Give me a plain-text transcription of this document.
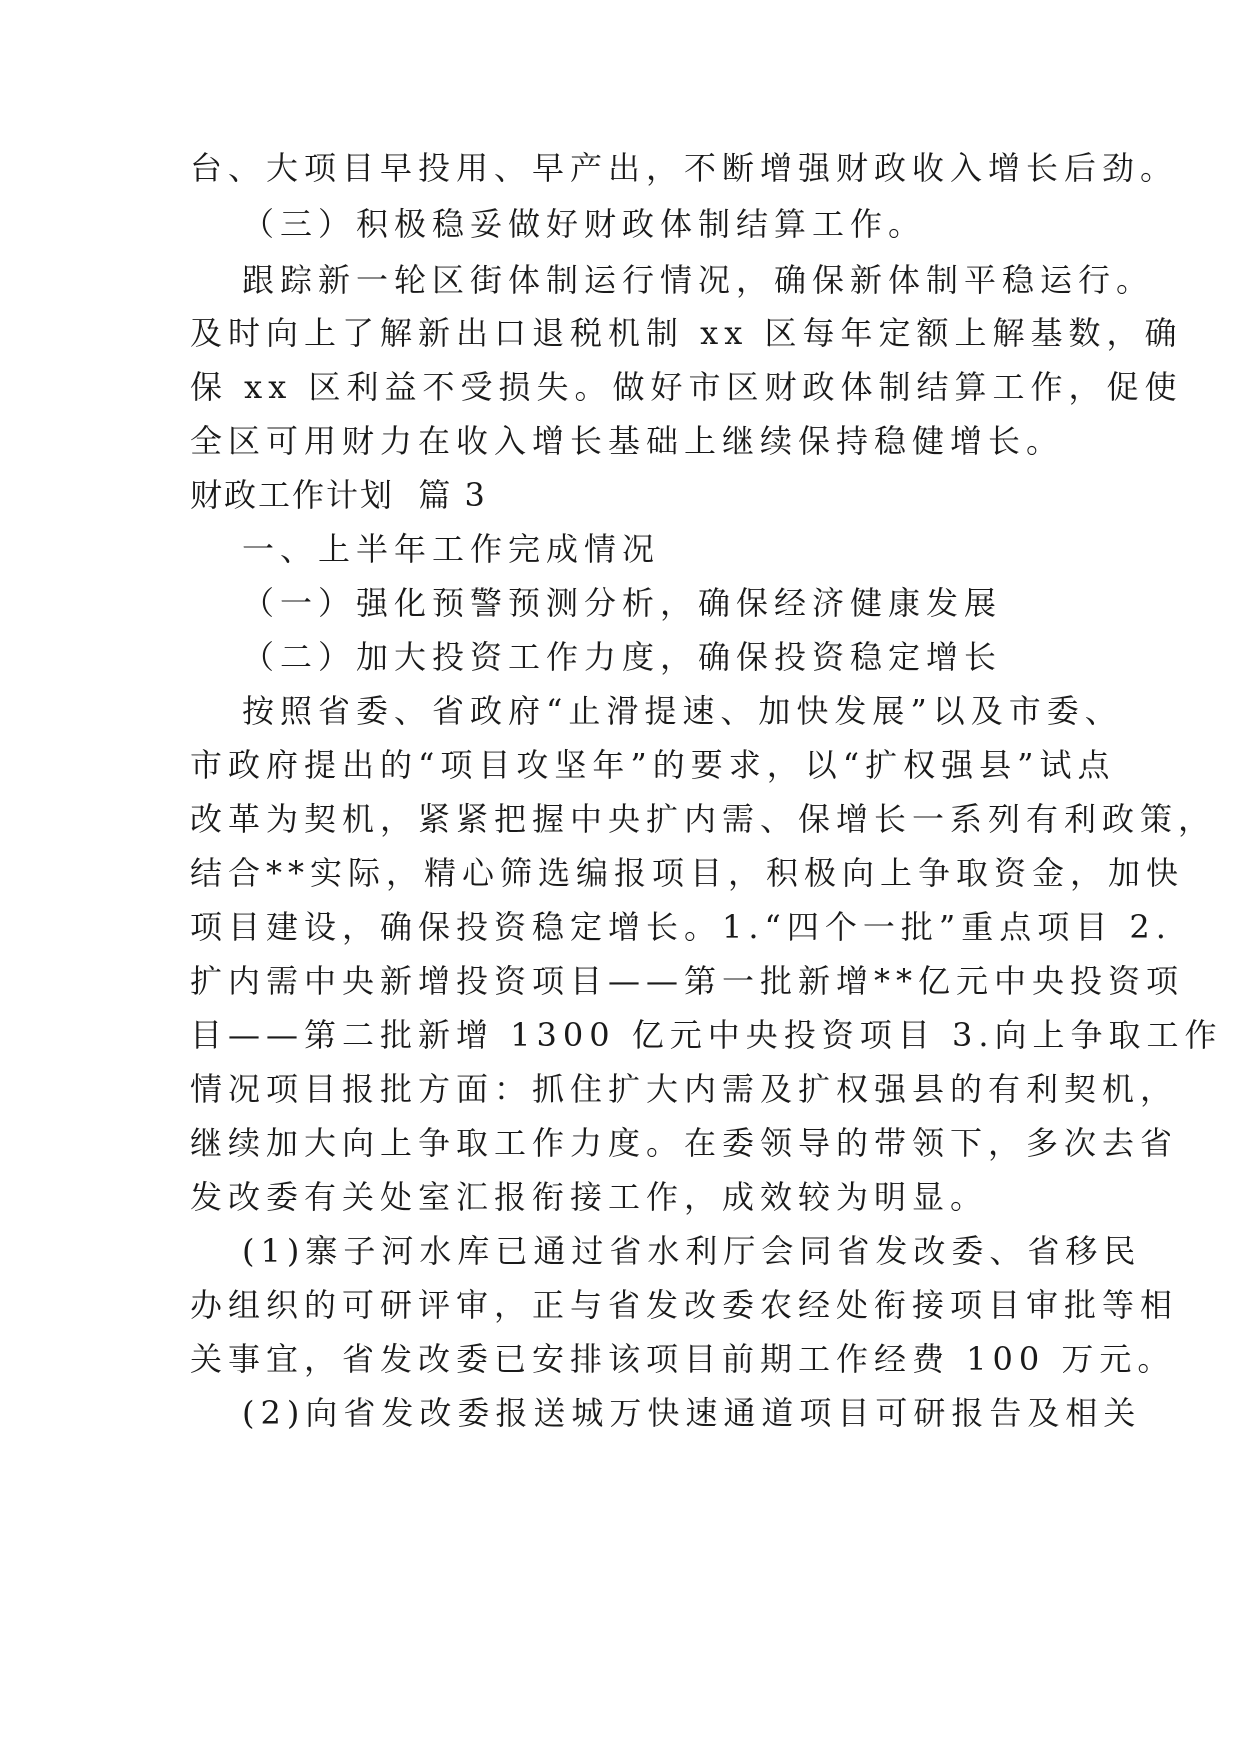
台、大项目早投用、早产出，不断增强财政收入增长后劲。
（三）积极稳妥做好财政体制结算工作。
跟踪新一轮区街体制运行情况，确保新体制平稳运行。
及时向上了解新出口退税机制 xx 区每年定额上解基数，确
保 xx 区利益不受损失。做好市区财政体制结算工作，促使
全区可用财力在收入增长基础上继续保持稳健增长。
财政工作计划  篇 3
一、上半年工作完成情况
（一）强化预警预测分析，确保经济健康发展
（二）加大投资工作力度，确保投资稳定增长
按照省委、省政府“止滑提速、加快发展”以及市委、
市政府提出的“项目攻坚年”的要求，以“扩权强县”试点
改革为契机，紧紧把握中央扩内需、保增长一系列有利政策，
结合**实际，精心筛选编报项目，积极向上争取资金，加快
项目建设，确保投资稳定增长。1.“四个一批”重点项目 2.
扩内需中央新增投资项目——第一批新增**亿元中央投资项
目——第二批新增 1300 亿元中央投资项目 3.向上争取工作
情况项目报批方面：抓住扩大内需及扩权强县的有利契机，
继续加大向上争取工作力度。在委领导的带领下，多次去省
发改委有关处室汇报衔接工作，成效较为明显。
(1)寨子河水库已通过省水利厅会同省发改委、省移民
办组织的可研评审，正与省发改委农经处衔接项目审批等相
关事宜，省发改委已安排该项目前期工作经费 100 万元。
(2)向省发改委报送城万快速通道项目可研报告及相关
